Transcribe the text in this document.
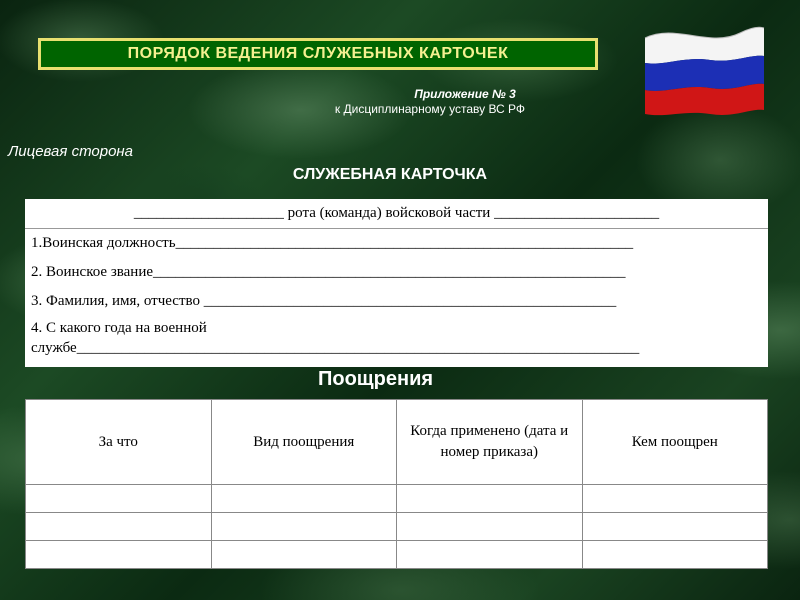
ПОРЯДОК ВЕДЕНИЯ СЛУЖЕБНЫХ КАРТОЧЕК
Приложение № 3
к Дисциплинарному уставу ВС РФ
Лицевая сторона
СЛУЖЕБНАЯ КАРТОЧКА
____________________ рота (команда) войсковой части ______________________
1.Воинская должность_____________________________________________________________
2. Воинское звание_______________________________________________________________
3. Фамилия, имя, отчество _______________________________________________________
4. С какого года на военной
службе___________________________________________________________________________
Поощрения
За что	Вид поощрения	Когда применено (дата и номер приказа)	Кем поощрен
